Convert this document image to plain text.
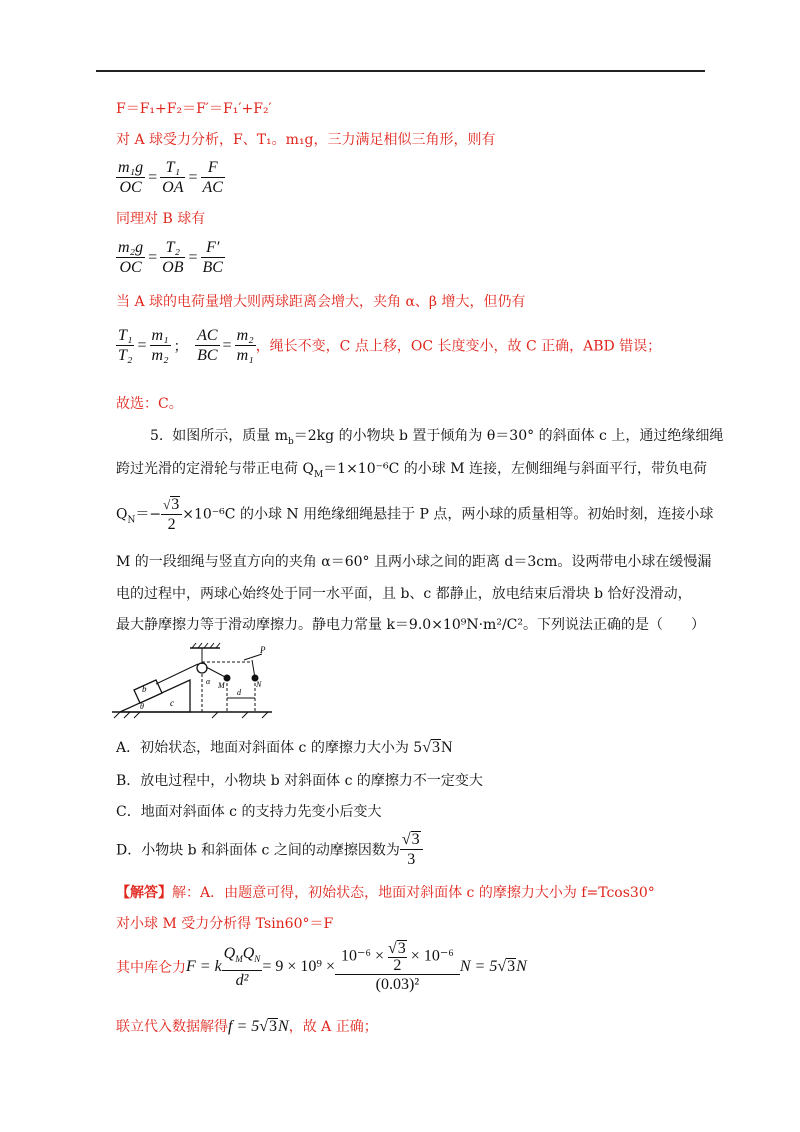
F＝F₁+F₂＝F′＝F₁′+F₂′
对 A 球受力分析，F、T₁。m₁g，三力满足相似三角形，则有
$\frac{\text{m₁g}}{OC} = \frac{\text{T₁}}{OA} = \frac{F}{AC}$
同理对 B 球有
$\frac{\text{m₂g}}{OC} = \frac{\text{T₂}}{OB} = \frac{F'}{BC}$
当 A 球的电荷量增大则两球距离会增大，夹角 α、β 增大，但仍有
$\frac{\text{T₁}}{\text{T₂}} = \frac{\text{m₁}}{\text{m₂}}$ ； $\frac{AC}{BC} = \frac{\text{m₂}}{\text{m₁}}$ ，绳长不变，C 点上移，OC 长度变小，故 C 正确，ABD 错误；
故选：C。
5. 如图所示，质量 $m_b=2kg$ 的小物块 b 置于倾角为 θ＝30° 的斜面体 c 上，通过绝缘细绳
跨过光滑的定滑轮与带正电荷 $Q_M=1\times 10^{-6}C$ 的小球 M 连接，左侧细绳与斜面平行，带负电荷
$Q_N=- \frac{√3}{2} \times 10^{-6}C$ 的小球 N 用绝缘细绳悬挂于 P 点，两小球的质量相等。初始时刻，连接小球
M 的一段细绳与竖直方向的夹角 α＝60° 且两小球之间的距离 d＝3cm。设两带电小球在缓慢漏
电的过程中，两球心始终处于同一水平面，且 b、c 都静止，放电结束后滑块 b 恰好没滑动，
最大静摩擦力等于滑动摩擦力。静电力常量 k＝9.0×10⁹N·m²/C²。下列说法正确的是（　　）
b
c
θ
α M	N
P
d
A．初始状态，地面对斜面体 c 的摩擦力大小为 5√3N
B．放电过程中，小物块 b 对斜面体 c 的摩擦力不一定变大
C．地面对斜面体 c 的支持力先变小后变大
D．小物块 b 和斜面体 c 之间的动摩擦因数为 $\frac{√3}{3}$
【解答】解：A．由题意可得，初始状态，地面对斜面体 c 的摩擦力大小为 f=Tcos30°
对小球 M 受力分析得 Tsin60°＝F
其中库仑力F = k $\frac{Q_MQ_N}{\text{d²}} = 9 \times 10^9 \times \frac{10^{-6} \times \frac{√3}{2} \times 10^{-6}}{\text{(0.03)²}}$ N = 5√3N
联立代入数据解得f = 5√3N，故 A 正确；
